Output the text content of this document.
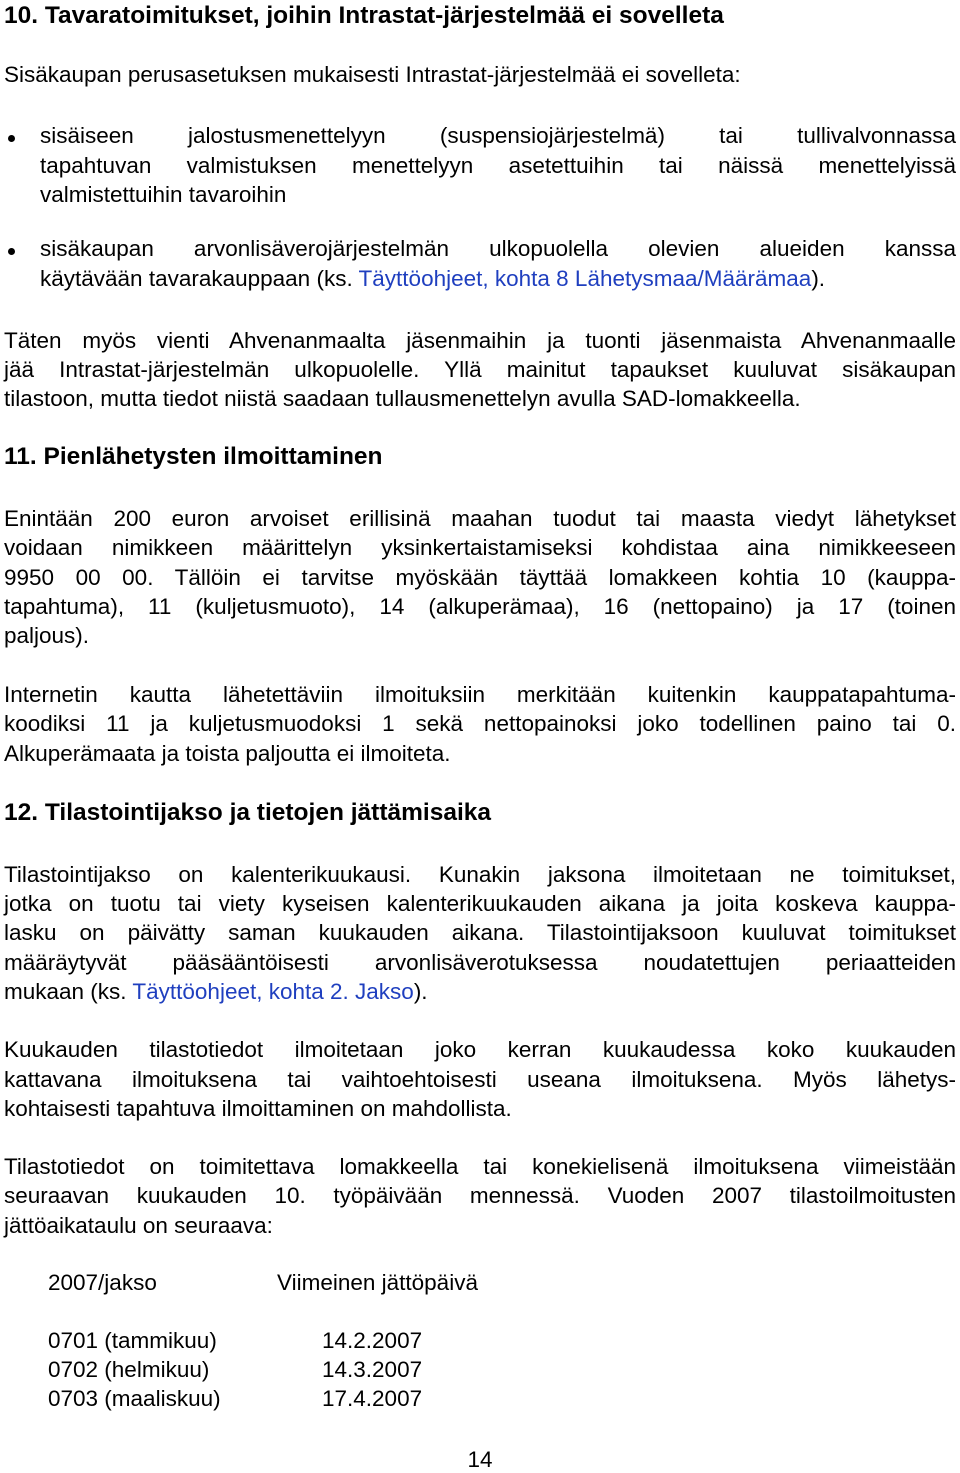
10. Tavaratoimitukset, joihin Intrastat-järjestelmää ei sovelleta
Sisäkaupan perusasetuksen mukaisesti Intrastat-järjestelmää ei sovelleta:
sisäiseen jalostusmenettelyyn (suspensiojärjestelmä) tai tullivalvonnassa
tapahtuvan valmistuksen menettelyyn asetettuihin tai näissä menettelyissä
valmistettuihin tavaroihin
sisäkaupan arvonlisäverojärjestelmän ulkopuolella olevien alueiden kanssa
käytävään tavarakauppaan (ks. Täyttöohjeet, kohta 8 Lähetysmaa/Määrämaa).
Täten myös vienti Ahvenanmaalta jäsenmaihin ja tuonti jäsenmaista Ahvenanmaalle
jää Intrastat-järjestelmän ulkopuolelle. Yllä mainitut tapaukset kuuluvat sisäkaupan
tilastoon, mutta tiedot niistä saadaan tullausmenettelyn avulla SAD-lomakkeella.
11. Pienlähetysten ilmoittaminen
Enintään 200 euron arvoiset erillisinä maahan tuodut tai maasta viedyt lähetykset
voidaan nimikkeen määrittelyn yksinkertaistamiseksi kohdistaa aina nimikkeeseen
9950 00 00. Tällöin ei tarvitse myöskään täyttää lomakkeen kohtia 10 (kauppa-
tapahtuma), 11 (kuljetusmuoto), 14 (alkuperämaa), 16 (nettopaino) ja 17 (toinen
paljous).
Internetin kautta lähetettäviin ilmoituksiin merkitään kuitenkin kauppatapahtuma-
koodiksi 11 ja kuljetusmuodoksi 1 sekä nettopainoksi joko todellinen paino tai 0.
Alkuperämaata ja toista paljoutta ei ilmoiteta.
12. Tilastointijakso ja tietojen jättämisaika
Tilastointijakso on kalenterikuukausi. Kunakin jaksona ilmoitetaan ne toimitukset,
jotka on tuotu tai viety kyseisen kalenterikuukauden aikana ja joita koskeva kauppa-
lasku on päivätty saman kuukauden aikana. Tilastointijaksoon kuuluvat toimitukset
määräytyvät pääsääntöisesti arvonlisäverotuksessa noudatettujen periaatteiden
mukaan (ks. Täyttöohjeet, kohta 2. Jakso).
Kuukauden tilastotiedot ilmoitetaan joko kerran kuukaudessa koko kuukauden
kattavana ilmoituksena tai vaihtoehtoisesti useana ilmoituksena. Myös lähetys-
kohtaisesti tapahtuva ilmoittaminen on mahdollista.
Tilastotiedot on toimitettava lomakkeella tai konekielisenä ilmoituksena viimeistään
seuraavan kuukauden 10. työpäivään mennessä. Vuoden 2007 tilastoilmoitusten
jättöaikataulu on seuraava:
2007/jakso	Viimeinen jättöpäivä
0701 (tammikuu)	14.2.2007
0702 (helmikuu)	14.3.2007
0703 (maaliskuu)	17.4.2007
14
